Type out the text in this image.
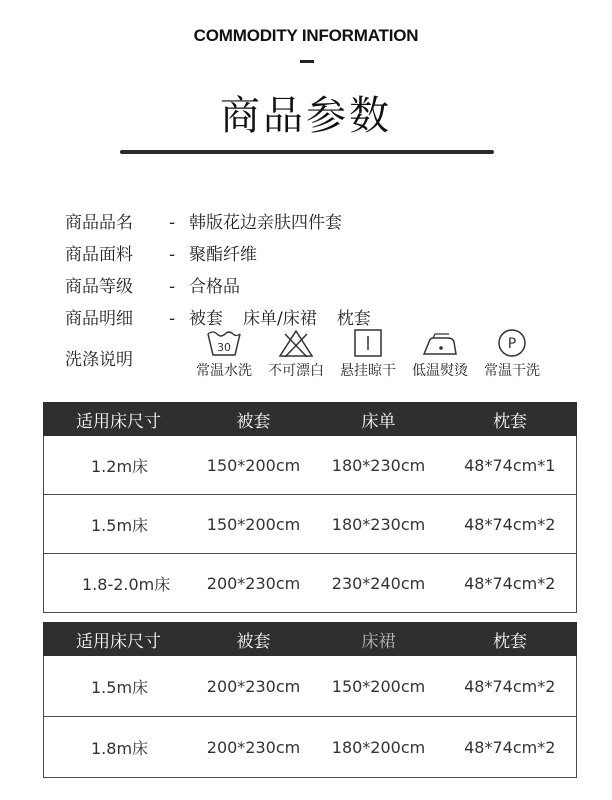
COMMODITY INFORMATION
商品参数
商品品名 - 韩版花边亲肤四件套
商品面料 - 聚酯纤维
商品等级 - 合格品
商品明细 - 被套 床单/床裙 枕套
洗涤说明
30
常温水洗	不可漂白	悬挂晾干	低温熨烫
P
常温干洗
适用床尺寸	被套	床单	枕套
1.2m床	150*200cm	180*230cm	48*74cm*1
1.5m床	150*200cm	180*230cm	48*74cm*2
1.8-2.0m床	200*230cm	230*240cm	48*74cm*2
适用床尺寸	被套	床裙	枕套
1.5m床	200*230cm	150*200cm	48*74cm*2
1.8m床	200*230cm	180*200cm	48*74cm*2
